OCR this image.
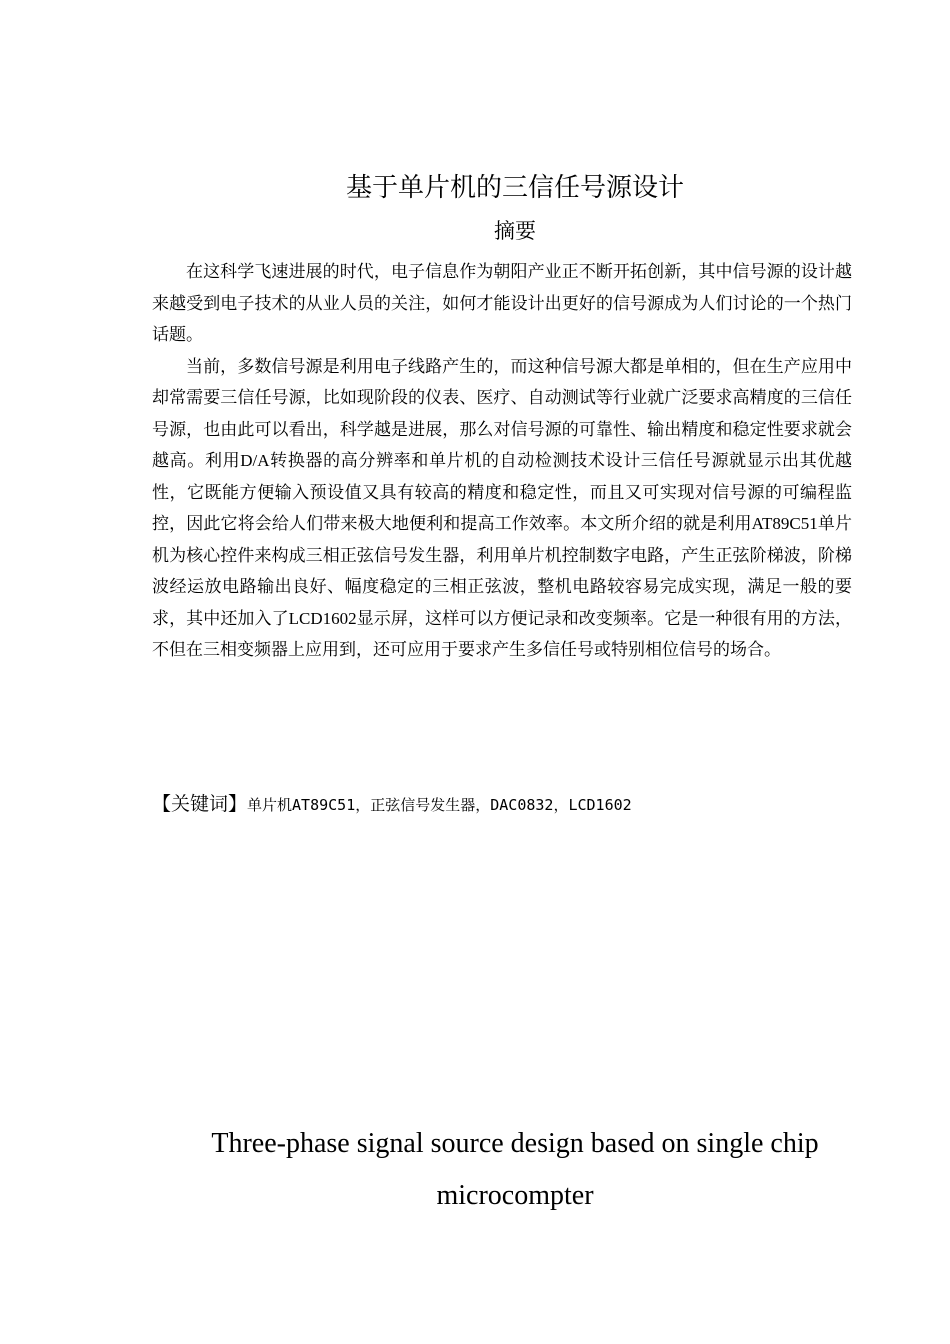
基于单片机的三信任号源设计
摘要

在这科学飞速进展的时代，电子信息作为朝阳产业正不断开拓创新，其中信号源的设计越来越受到电子技术的从业人员的关注，如何才能设计出更好的信号源成为人们讨论的一个热门话题。

当前，多数信号源是利用电子线路产生的，而这种信号源大都是单相的，但在生产应用中却常需要三信任号源，比如现阶段的仪表、医疗、自动测试等行业就广泛要求高精度的三信任号源，也由此可以看出，科学越是进展，那么对信号源的可靠性、输出精度和稳定性要求就会越高。利用D/A转换器的高分辨率和单片机的自动检测技术设计三信任号源就显示出其优越性，它既能方便输入预设值又具有较高的精度和稳定性，而且又可实现对信号源的可编程监控，因此它将会给人们带来极大地便利和提高工作效率。本文所介绍的就是利用AT89C51单片机为核心控件来构成三相正弦信号发生器，利用单片机控制数字电路，产生正弦阶梯波，阶梯波经运放电路输出良好、幅度稳定的三相正弦波，整机电路较容易完成实现，满足一般的要求，其中还加入了LCD1602显示屏，这样可以方便记录和改变频率。它是一种很有用的方法，不但在三相变频器上应用到，还可应用于要求产生多信任号或特别相位信号的场合。

【关键词】单片机AT89C51，正弦信号发生器，DAC0832，LCD1602
Three-phase signal source design based on single chip
microcompter
